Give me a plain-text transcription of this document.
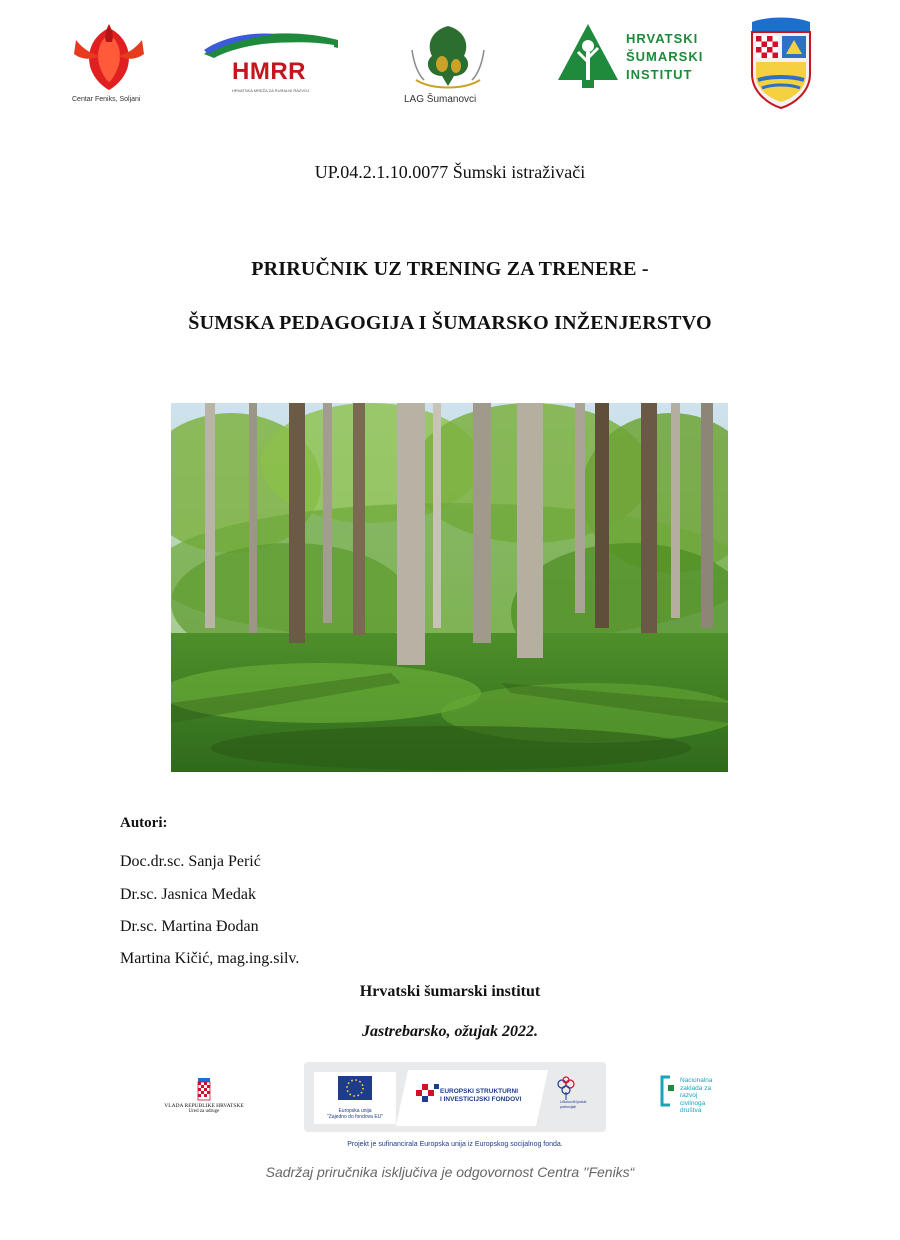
Centar Feniks, Soljani
HMRR
HRVATSKA MREŽA ZA RURALNI RAZVOJ
LAG Šumanovci
HRVATSKI
ŠUMARSKI
INSTITUT
UP.04.2.1.10.0077 Šumski istraživači
PRIRUČNIK UZ TRENING ZA TRENERE -
ŠUMSKA PEDAGOGIJA I ŠUMARSKO INŽENJERSTVO
Autori:
Doc.dr.sc. Sanja Perić
Dr.sc. Jasnica Medak
Dr.sc. Martina Đodan
Martina Kičić, mag.ing.silv.
Hrvatski šumarski institut
Jastrebarsko, ožujak 2022.
VLADA REPUBLIKE HRVATSKE
Ured za udruge	Europska unija
"Zajedno do fondova EU"
EUROPSKI STRUKTURNI
I INVESTICIJSKI FONDOVI	Učinkoviti ljudski potencijali
Projekt je sufinancirala Europska unija iz Europskog socijalnog fonda.
Nacionalna
zaklada za
razvoj
civilnoga
društva
Sadržaj priručnika isključiva je odgovornost Centra ''Feniks“
